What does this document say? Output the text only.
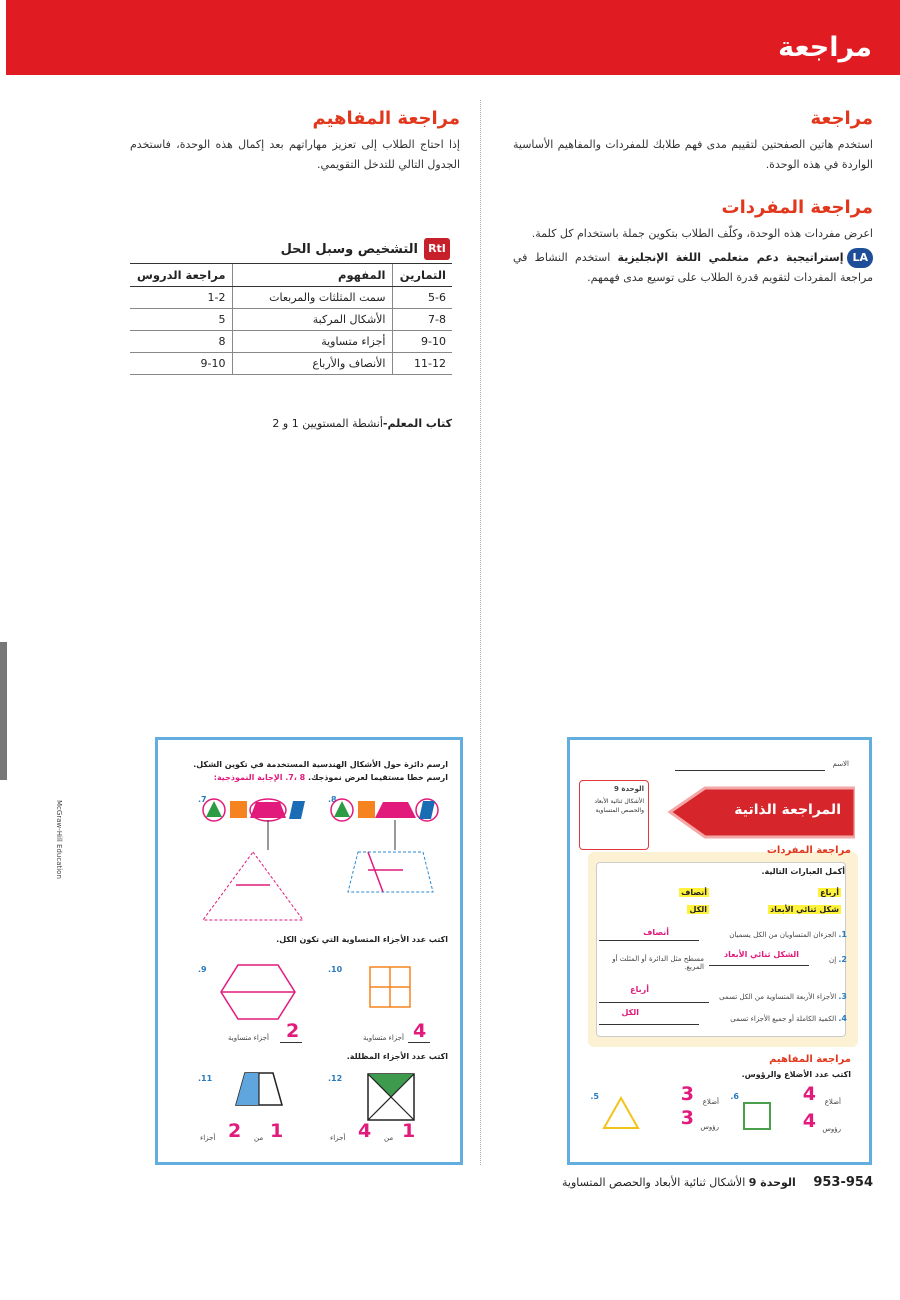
مراجعة
McGraw-Hill Education
مراجعة
استخدم هاتين الصفحتين لتقييم مدى فهم طلابك للمفردات والمفاهيم الأساسية الواردة في هذه الوحدة.
مراجعة المفردات
اعرض مفردات هذه الوحدة، وكلّف الطلاب بتكوين جملة باستخدام كل كلمة.
LAإستراتيجية دعم متعلمي اللغة الإنجليزية استخدم النشاط في مراجعة المفردات لتقويم قدرة الطلاب على توسيع مدى فهمهم.
مراجعة المفاهيم
إذا احتاج الطلاب إلى تعزيز مهاراتهم بعد إكمال هذه الوحدة، فاستخدم الجدول التالي للتدخل التقويمي.
RtI
التشخيص وسبل الحل
التمارين	المفهوم	مراجعة الدروس
5-6	سمت المثلثات والمربعات	1-2
7-8	الأشكال المركبة	5
9-10	أجزاء متساوية	8
11-12	الأنصاف والأرباع	9-10
كتاب المعلم-أنشطة المستويين 1 و 2
الاسم
الوحدة 9
الأشكال ثنائية الأبعاد والحصص المتساوية	المراجعة الذاتية
مراجعة المفردات
أكمل العبارات التالية.
أرباع
أنصاف
شكل ثنائي الأبعاد
الكل
1. الجزءان المتساويان من الكل يسميان
أنصاف
2. إن
الشكل ثنائي الأبعاد
مسطح مثل الدائرة أو المثلث أو المربع.
3. الأجزاء الأربعة المتساوية من الكل تسمى
أرباع
4. الكمية الكاملة أو جميع الأجزاء تسمى
الكل
مراجعة المفاهيم
اكتب عدد الأضلاع والرؤوس.
6.	4 أضلاع
4 رؤوس
5.	3 أضلاع
3 رؤوس
ارسم دائرة حول الأشكال الهندسية المستخدمة في تكوين الشكل.
ارسم خطا مستقيما لعرض نموذجك. 8 ،7. الإجابة النموذجية:
8.
7.
اكتب عدد الأجزاء المتساوية التي تكون الكل.
10.
4
أجزاء متساوية
9.
2
أجزاء متساوية
اكتب عدد الأجزاء المظللة.
12.
1
من
4
أجزاء
11.
1
من
2
أجزاء
953-954 الوحدة 9 الأشكال ثنائية الأبعاد والحصص المتساوية
